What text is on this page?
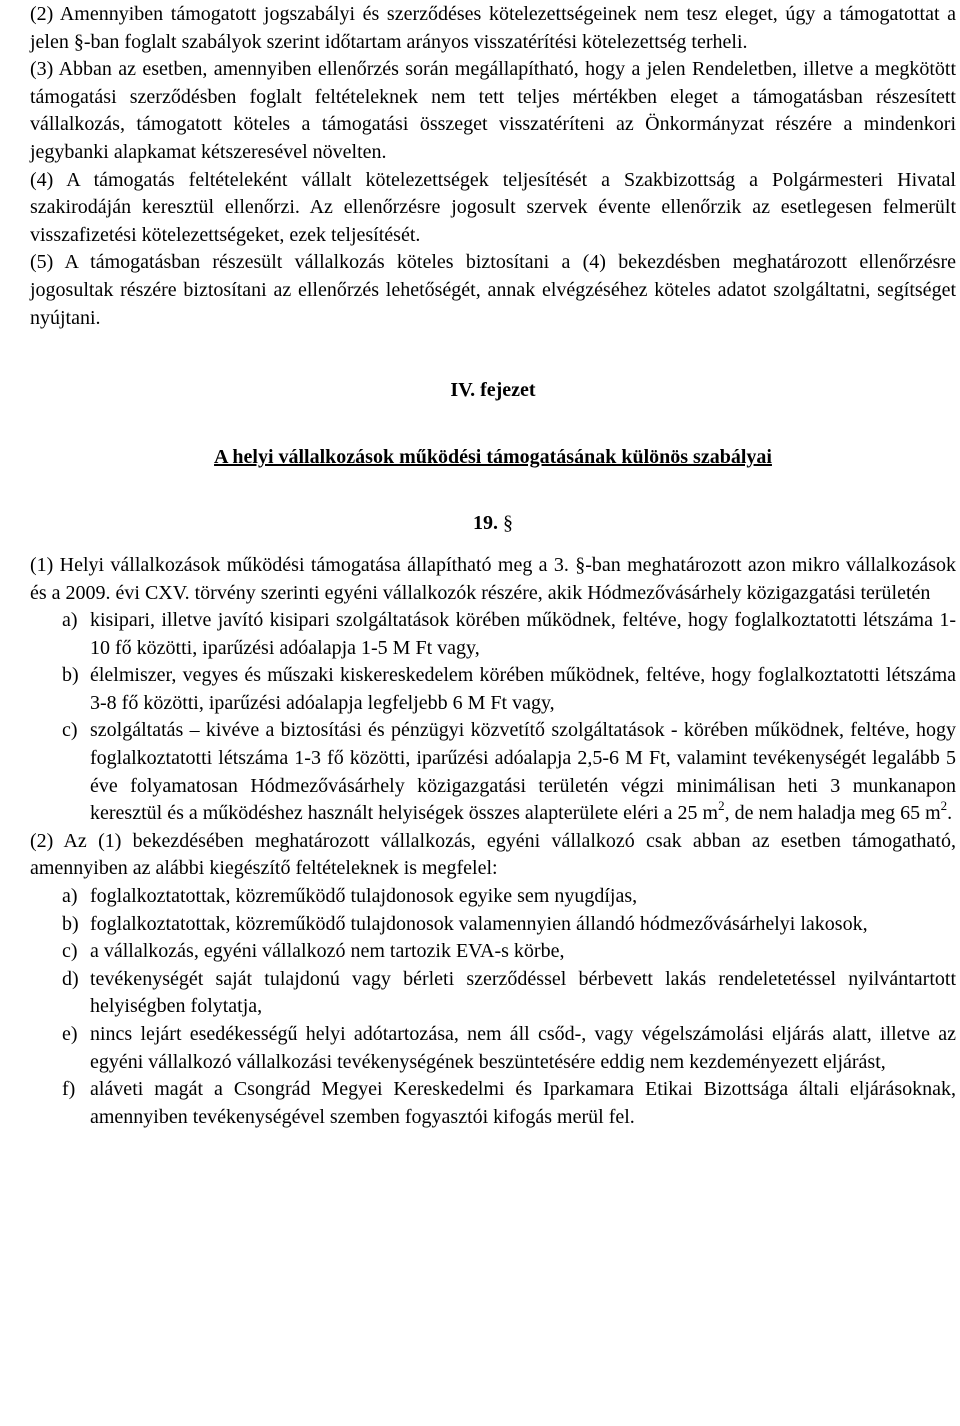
(2) Amennyiben támogatott jogszabályi és szerződéses kötelezettségeinek nem tesz eleget, úgy a támogatottat a jelen §-ban foglalt szabályok szerint időtartam arányos visszatérítési kötelezettség terheli.

(3) Abban az esetben, amennyiben ellenőrzés során megállapítható, hogy a jelen Rendeletben, illetve a megkötött támogatási szerződésben foglalt feltételeknek nem tett teljes mértékben eleget a támogatásban részesített vállalkozás, támogatott köteles a támogatási összeget visszatéríteni az Önkormányzat részére a mindenkori jegybanki alapkamat kétszeresével növelten.

(4) A támogatás feltételeként vállalt kötelezettségek teljesítését a Szakbizottság a Polgármesteri Hivatal szakirodáján keresztül ellenőrzi. Az ellenőrzésre jogosult szervek évente ellenőrzik az esetlegesen felmerült visszafizetési kötelezettségeket, ezek teljesítését.

(5) A támogatásban részesült vállalkozás köteles biztosítani a (4) bekezdésben meghatározott ellenőrzésre jogosultak részére biztosítani az ellenőrzés lehetőségét, annak elvégzéséhez köteles adatot szolgáltatni, segítséget nyújtani.

IV. fejezet
A helyi vállalkozások működési támogatásának különös szabályai
19. §

(1) Helyi vállalkozások működési támogatása állapítható meg a 3. §-ban meghatározott azon mikro vállalkozások és a 2009. évi CXV. törvény szerinti egyéni vállalkozók részére, akik Hódmezővásárhely közigazgatási területén

a) kisipari, illetve javító kisipari szolgáltatások körében működnek, feltéve, hogy foglalkoztatotti létszáma 1-10 fő közötti, iparűzési adóalapja 1-5 M Ft vagy,
b) élelmiszer, vegyes és műszaki kiskereskedelem körében működnek, feltéve, hogy foglalkoztatotti létszáma 3-8 fő közötti, iparűzési adóalapja legfeljebb 6 M Ft vagy,
c) szolgáltatás – kivéve a biztosítási és pénzügyi közvetítő szolgáltatások - körében működnek, feltéve, hogy foglalkoztatotti létszáma 1-3 fő közötti, iparűzési adóalapja 2,5-6 M Ft, valamint tevékenységét legalább 5 éve folyamatosan Hódmezővásárhely közigazgatási területén végzi minimálisan heti 3 munkanapon keresztül és a működéshez használt helyiségek összes alapterülete eléri a 25 $m^2$, de nem haladja meg 65 $m^2$.

(2) Az (1) bekezdésében meghatározott vállalkozás, egyéni vállalkozó csak abban az esetben támogatható, amennyiben az alábbi kiegészítő feltételeknek is megfelel:

a) foglalkoztatottak, közreműködő tulajdonosok egyike sem nyugdíjas,
b) foglalkoztatottak, közreműködő tulajdonosok valamennyien állandó hódmezővásárhelyi lakosok,
c) a vállalkozás, egyéni vállalkozó nem tartozik EVA-s körbe,
d) tevékenységét saját tulajdonú vagy bérleti szerződéssel bérbevett lakás rendeletetéssel nyilvántartott helyiségben folytatja,
e) nincs lejárt esedékességű helyi adótartozása, nem áll csőd-, vagy végelszámolási eljárás alatt, illetve az egyéni vállalkozó vállalkozási tevékenységének beszüntetésére eddig nem kezdeményezett eljárást,
f) aláveti magát a Csongrád Megyei Kereskedelmi és Iparkamara Etikai Bizottsága általi eljárásoknak, amennyiben tevékenységével szemben fogyasztói kifogás merül fel.
